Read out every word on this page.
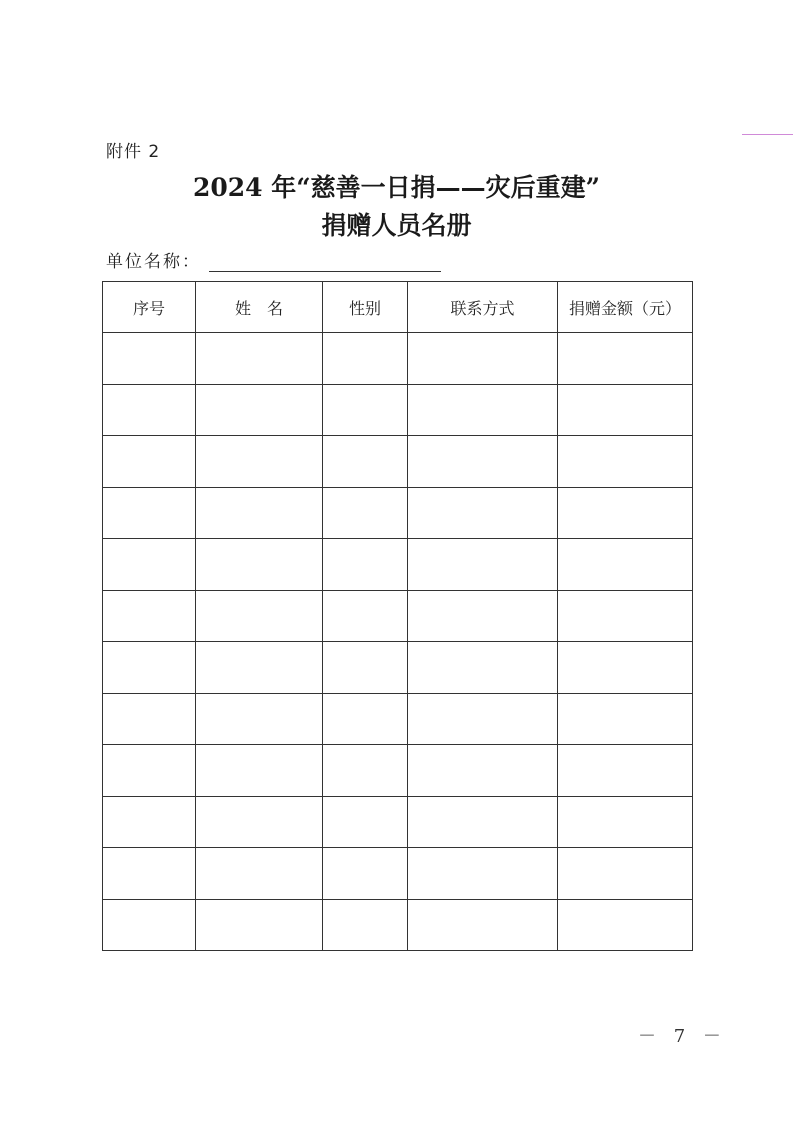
附件 2
2024 年“慈善一日捐——灾后重建”
捐赠人员名册
单位名称：
序号	姓　名	性别	联系方式	捐赠金额（元）

－ 7 －
